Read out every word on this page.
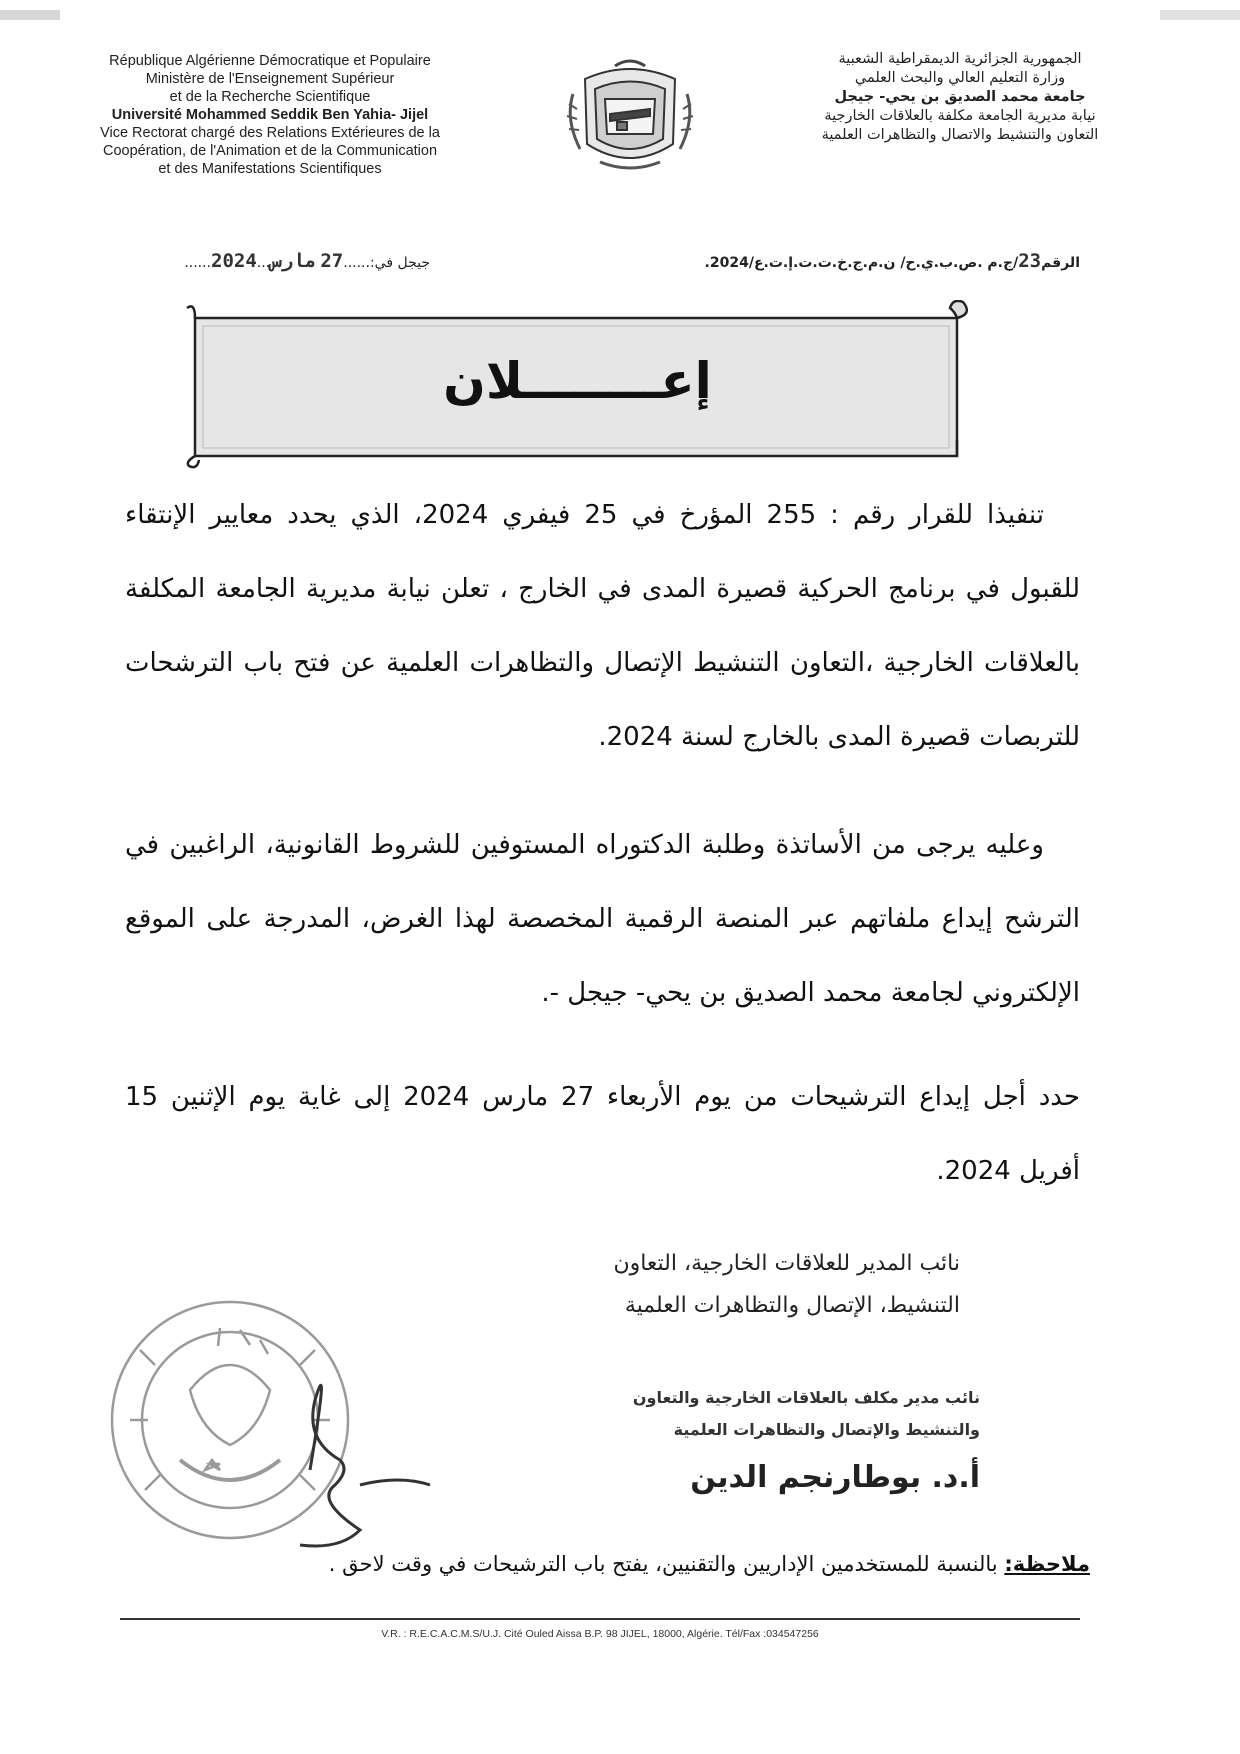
République Algérienne Démocratique et Populaire
Ministère de l'Enseignement Supérieur
et de la Recherche Scientifique
Université Mohammed Seddik Ben Yahia- Jijel
Vice Rectorat chargé des Relations Extérieures de la
Coopération, de l'Animation et de la Communication
et des Manifestations Scientifiques
الجمهورية الجزائرية الديمقراطية الشعبية
وزارة التعليم العالي والبحث العلمي
جامعة محمد الصديق بن يحي- جيجل
نيابة مديرية الجامعة مكلفة بالعلاقات الخارجية
التعاون والتنشيط والاتصال والتظاهرات العلمية
الرقم23/ج.م .ص.ب.ي.ح/ ن.م.ج.خ.ت.ت.إ.ت.ع/2024.
جيجل في:......27 مارس...2024......
إعــــــــلان
تنفيذا للقرار رقم : 255 المؤرخ في 25 فيفري 2024، الذي يحدد معايير الإنتقاء للقبول في برنامج الحركية قصيرة المدى في الخارج ، تعلن نيابة مديرية الجامعة المكلفة بالعلاقات الخارجية ،التعاون التنشيط الإتصال والتظاهرات العلمية عن فتح باب الترشحات للتربصات قصيرة المدى بالخارج لسنة 2024.
وعليه يرجى من الأساتذة وطلبة الدكتوراه المستوفين للشروط القانونية، الراغبين في الترشح إيداع ملفاتهم عبر المنصة الرقمية المخصصة لهذا الغرض، المدرجة على الموقع الإلكتروني لجامعة محمد الصديق بن يحي- جيجل -.
حدد أجل إيداع الترشيحات من يوم الأربعاء 27 مارس 2024 إلى غاية يوم الإثنين 15 أفريل 2024.
نائب المدير للعلاقات الخارجية، التعاون
التنشيط، الإتصال والتظاهرات العلمية
نائب مدير مكلف بالعلاقات الخارجية والتعاون
والتنشيط والإتصال والتظاهرات العلمية
أ.د. بوطارنجم الدين
ملاحظة: بالنسبة للمستخدمين الإداريين والتقنيين، يفتح باب الترشيحات في وقت لاحق .
V.R. : R.E.C.A.C.M.S/U.J. Cité Ouled Aissa B.P. 98 JIJEL, 18000, Algérie. Tél/Fax :034547256
